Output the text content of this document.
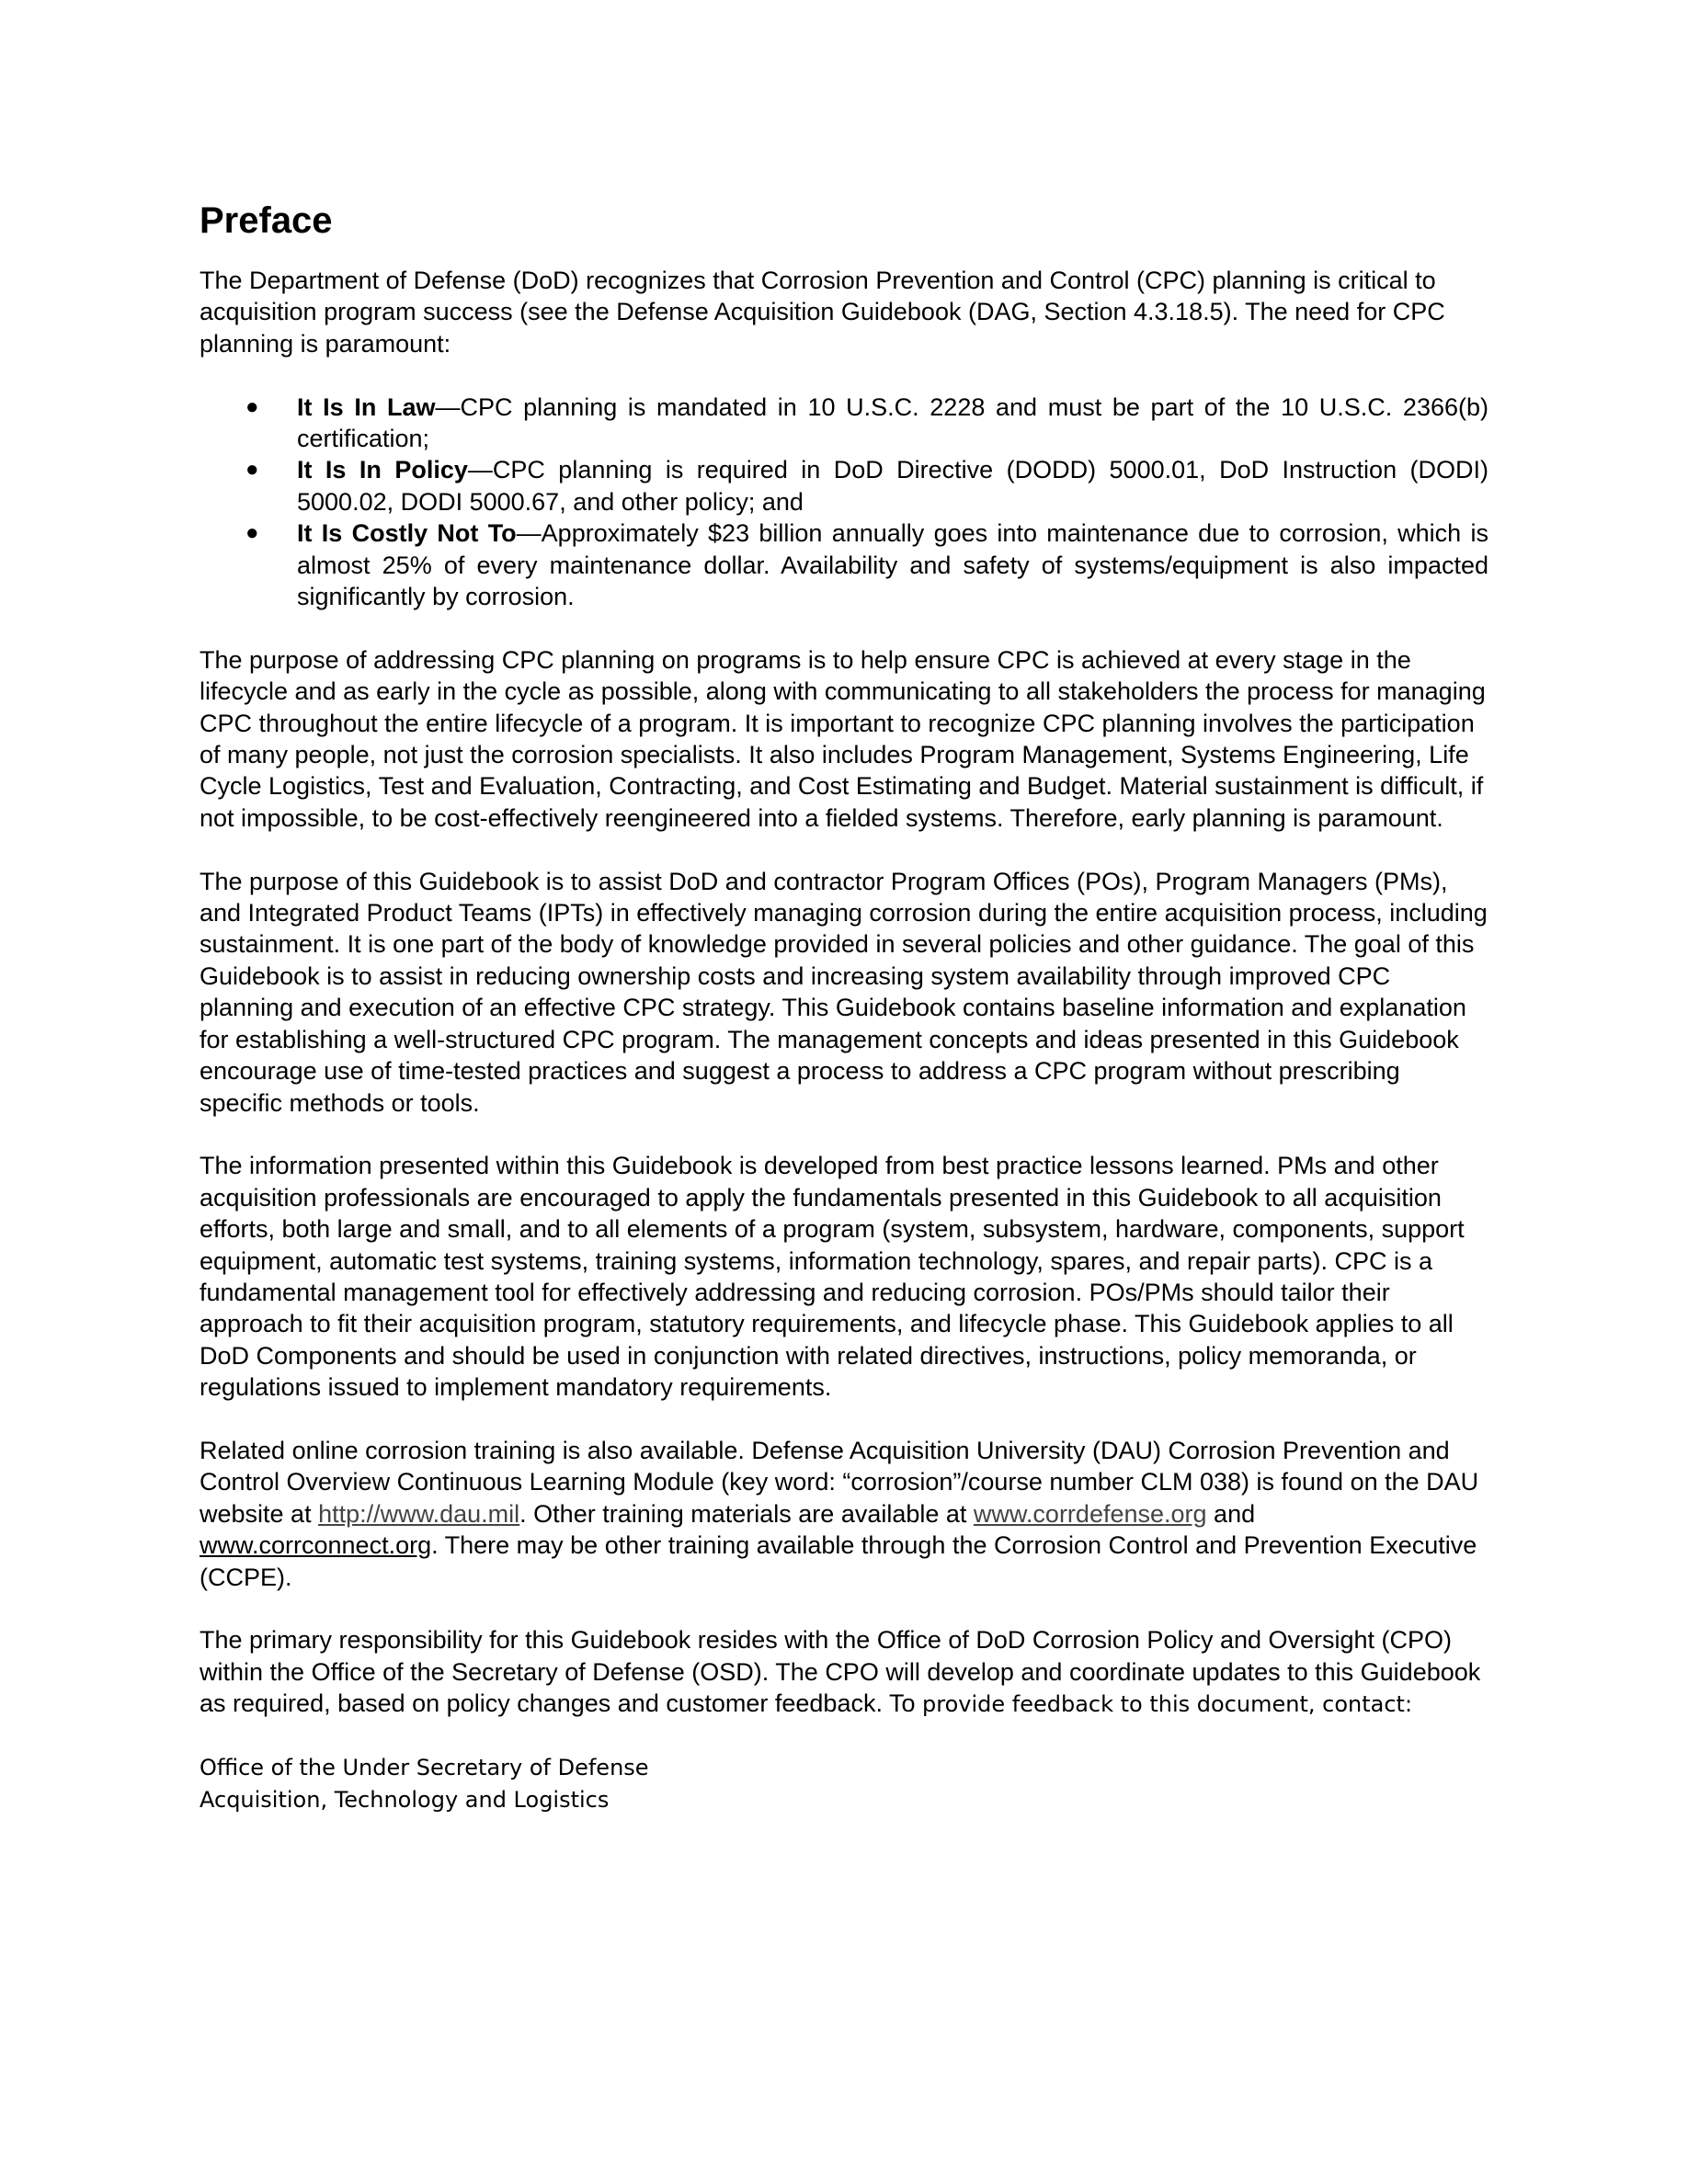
Preface

The Department of Defense (DoD) recognizes that Corrosion Prevention and Control (CPC) planning is critical to acquisition program success (see the Defense Acquisition Guidebook (DAG, Section 4.3.18.5). The need for CPC planning is paramount:

● It Is In Law—CPC planning is mandated in 10 U.S.C. 2228 and must be part of the 10 U.S.C. 2366(b) certification;
● It Is In Policy—CPC planning is required in DoD Directive (DODD) 5000.01, DoD Instruction (DODI) 5000.02, DODI 5000.67, and other policy; and
● It Is Costly Not To—Approximately $23 billion annually goes into maintenance due to corrosion, which is almost 25% of every maintenance dollar. Availability and safety of systems/equipment is also impacted significantly by corrosion.

The purpose of addressing CPC planning on programs is to help ensure CPC is achieved at every stage in the lifecycle and as early in the cycle as possible, along with communicating to all stakeholders the process for managing CPC throughout the entire lifecycle of a program. It is important to recognize CPC planning involves the participation of many people, not just the corrosion specialists. It also includes Program Management, Systems Engineering, Life Cycle Logistics, Test and Evaluation, Contracting, and Cost Estimating and Budget. Material sustainment is difficult, if not impossible, to be cost-effectively reengineered into a fielded systems. Therefore, early planning is paramount.

The purpose of this Guidebook is to assist DoD and contractor Program Offices (POs), Program Managers (PMs), and Integrated Product Teams (IPTs) in effectively managing corrosion during the entire acquisition process, including sustainment. It is one part of the body of knowledge provided in several policies and other guidance. The goal of this Guidebook is to assist in reducing ownership costs and increasing system availability through improved CPC planning and execution of an effective CPC strategy. This Guidebook contains baseline information and explanation for establishing a well-structured CPC program. The management concepts and ideas presented in this Guidebook encourage use of time-tested practices and suggest a process to address a CPC program without prescribing specific methods or tools.

The information presented within this Guidebook is developed from best practice lessons learned. PMs and other acquisition professionals are encouraged to apply the fundamentals presented in this Guidebook to all acquisition efforts, both large and small, and to all elements of a program (system, subsystem, hardware, components, support equipment, automatic test systems, training systems, information technology, spares, and repair parts). CPC is a fundamental management tool for effectively addressing and reducing corrosion. POs/PMs should tailor their approach to fit their acquisition program, statutory requirements, and lifecycle phase. This Guidebook applies to all DoD Components and should be used in conjunction with related directives, instructions, policy memoranda, or regulations issued to implement mandatory requirements.

Related online corrosion training is also available. Defense Acquisition University (DAU) Corrosion Prevention and Control Overview Continuous Learning Module (key word: “corrosion”/course number CLM 038) is found on the DAU website at http://www.dau.mil. Other training materials are available at www.corrdefense.org and www.corrconnect.org. There may be other training available through the Corrosion Control and Prevention Executive (CCPE).

The primary responsibility for this Guidebook resides with the Office of DoD Corrosion Policy and Oversight (CPO) within the Office of the Secretary of Defense (OSD). The CPO will develop and coordinate updates to this Guidebook as required, based on policy changes and customer feedback. To provide feedback to this document, contact:

Office of the Under Secretary of Defense
Acquisition, Technology and Logistics
